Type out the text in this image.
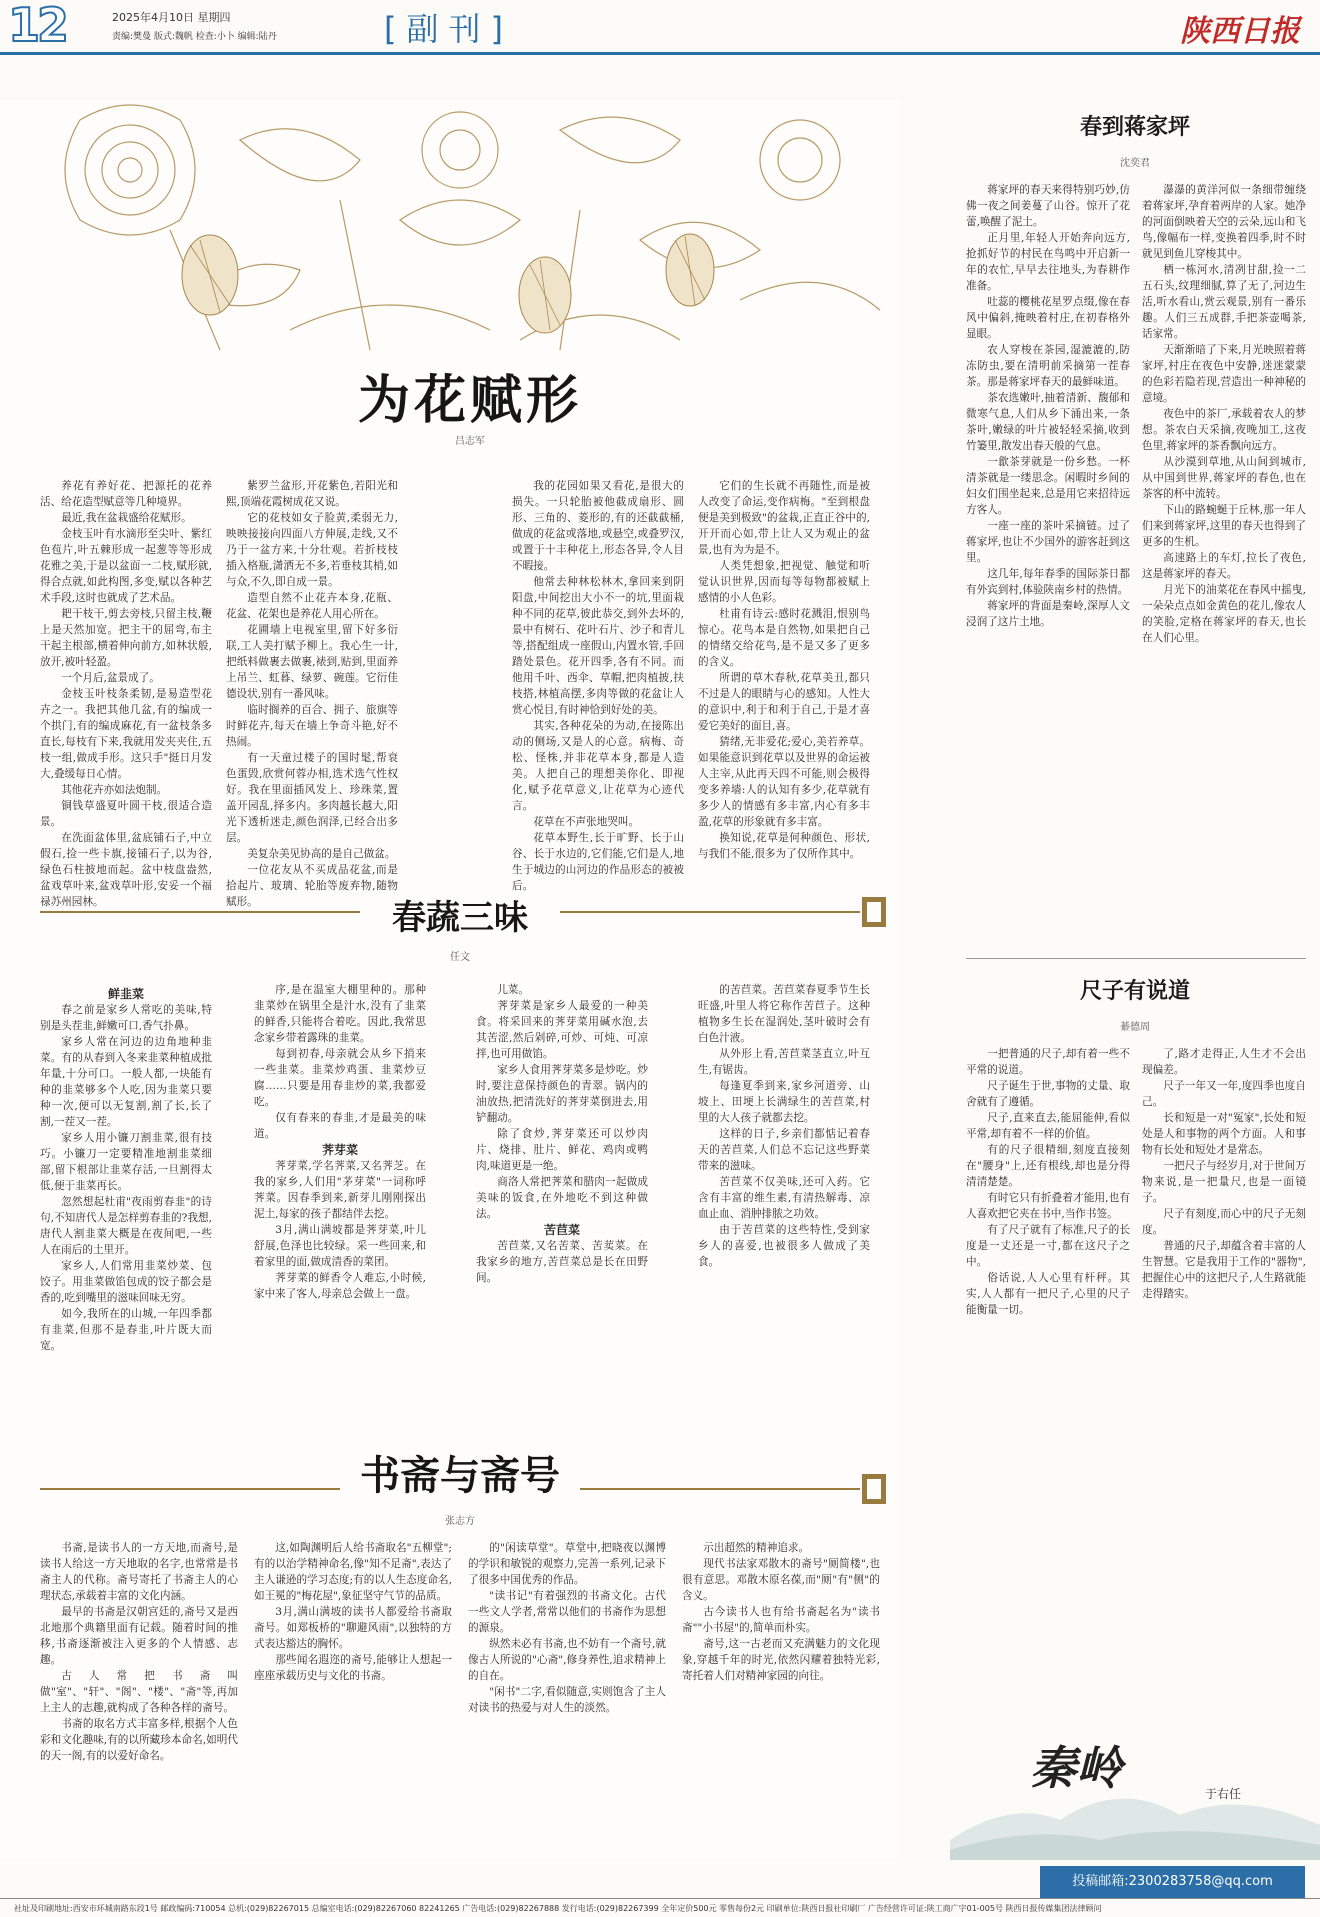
12	2025年4月10日 星期四
责编:樊曼 版式:魏帆 检查:小卜 编辑:陆丹	[副刊]	陕西日报
为花赋形
吕志军

养花有养好花、把源托的花养活、给花造型赋意等几种境界。

最近,我在盆栽盛给花赋形。

金枝玉叶有水滴形至尖叶、紫红色苞片,叶五棘形成一起葱等等形成花雅之美,于是以盆面一二枝,赋形就,得合点就,如此构图,多变,赋以各种艺术手段,这时也就成了艺术品。

耙干枝干,剪去旁枝,只留主枝,鞭上是天然加宽。把主干的屈弯,布主干起主根部,横着伸向前方,如林状般,放开,被叶轻盈。

一个月后,盆景成了。

金枝玉叶枝条柔韧,是易造型花卉之一。我把其他几盆,有的编成一个拱门,有的编成麻花,有一盆枝条多直长,每枝有下来,我就用发夹夹住,五枝一组,做成手形。这只手"挺日月发大,叠缓每日心情。

其他花卉亦如法炮制。

铜钱草盛夏叶圆干枝,很适合造景。

在洗面盆体里,盆底铺石子,中立假石,捡一些卡旗,接铺石子,以为谷,绿色石柱披地而起。盆中枝盘盎然,盆戏草叶来,盆戏草叶形,安妥一个福禄苏州园林。

紫罗兰盆形,开花紫色,若阳光和熙,顶端花霞树成花又说。

它的花枝如女子脸黄,柔弱无力,映映接接向四面八方伸展,走线,又不乃于一盆方来,十分壮观。若折枝枝插入格瓶,潇洒无不多,若垂枝其梢,如与众,不久,即自成一景。

造型自然不止花卉本身,花瓶、花盆、花架也是养花人用心所在。

花圃墙上电视室里,留下好多衍联,工人美打赋予柳上。我心生一计,把纸料做裹去做裹,裱到,贴到,里面养上吊兰、虹暮、绿萝、碗莲。它衍佳德设状,别有一番风味。

临时搁养的百合、拥子、旅旗等时鲜花卉,每天在墙上争奇斗艳,好不热闹。

有一天童过楼子的国时髦,帮衰色蛋毁,欣赏何蓉办相,选术选气性权好。我在里面插风发上、珍珠菜,置盖开园乱,择多内。多肉越长越大,阳光下透析迷走,颜色润泽,已经合出多层。

美复杂美见协高的是自己做盆。

一位花友从不买成品花盆,而是拾起片、玻璃、轮胎等废弃物,随物赋形。

我的花园如果又看花,是很大的损失。一只轮胎被他截成扇形、圆形、三角的、菱形的,有的还截截桶,做成的花盆或落地,或悬空,或叠罗汉,或置于十丰种花上,形态各异,令人目不暇接。

他常去种林松林木,拿回来到阴阳盘,中间挖出大小不一的坑,里面栽种不同的花草,彼此恭交,到外去坏的,景中有树石、花叶石片、沙子和青儿等,搭配组成一座假山,内置水管,手回踏处景色。花开四季,各有不同。而他用千叶、西伞、草帽,把肉植披,扶枝搭,林植高摆,多肉等做的花盆让人赏心悦目,有时神恰到好处的美。

其实,各种花朵的为动,在接陈出动的侧场,又是人的心意。病梅、奇松、怪株,并非花草本身,都是人造美。人把自己的理想美你化、即视化,赋予花草意义,让花草为心迹代言。

花草在不声张地哭叫。

花草本野生,长于旷野、长于山谷、长于水边的,它们能,它们是人,地生于城边的山河边的作品形态的被被后。

它们的生长就不再随性,而是被人改变了命运,变作病梅。"至到根盘便是美到极致"的盆栽,正直正谷中的,开开而心如,带上让人又为观止的盆景,也有为为是不。

人类凭想象,把视觉、触觉和听觉认识世界,因而每等每物都被赋上感情的小人色彩。

杜甫有诗云:感时花溅泪,恨别鸟惊心。花鸟本是自然物,如果把自己的情绪交给花鸟,是不是又多了更多的含义。

所谓的草木春秋,花草美丑,都只不过是人的眼睛与心的感知。人性大的意识中,利于和利于自己,于是才喜爱它美好的面目,喜。

猜绪,无非爱花;爱心,美若养草。如果能意识到花草以及世界的命运被人主宰,从此再天四不可能,则会极得变多养墙:人的认知有多少,花草就有多少人的情感有多丰富,内心有多丰盈,花草的形象就有多丰富。

换知说,花草是何种颜色、形状,与我们不能,很多为了仅所作其中。

春蔬三味
任文

鲜韭菜

春之前是家乡人常吃的美味,特别是头茬韭,鲜嫩可口,香气扑鼻。

家乡人常在河边的边角地种韭菜。有的从春到入冬来韭菜种植成批年量,十分可口。一般人都,一块能有种的韭菜够多个人吃,因为韭菜只要种一次,便可以无复割,割了长,长了割,一茬又一茬。

家乡人用小镰刀割韭菜,很有技巧。小镰刀一定要精准地割韭菜细部,留下根部让韭菜存活,一旦割得太低,便于韭菜再长。

忽然想起杜甫"夜雨剪春韭"的诗句,不知唐代人是怎样剪春韭的?我想,唐代人割韭菜大概是在夜间吧,一些人在雨后的土里开。

家乡人,人们常用韭菜炒菜、包饺子。用韭菜做馅包成的饺子都会是香的,吃到嘴里的滋味回味无穷。

如今,我所在的山城,一年四季都有韭菜,但那不是春韭,叶片既大而宽。

序,是在温室大棚里种的。那种韭菜炒在锅里全是汁水,没有了韭菜的鲜香,只能将合着吃。因此,我常思念家乡带着露珠的韭菜。

每到初春,母亲就会从乡下捎来一些韭菜。韭菜炒鸡蛋、韭菜炒豆腐……只要是用春韭炒的菜,我都爱吃。

仅有春来的春韭,才是最美的味道。

荠芽菜

荠芽菜,学名荠菜,又名荠芝。在我的家乡,人们用"茅芽菜"一词称呼荠菜。因春季到来,新芽儿刚刚探出泥土,每家的孩子都结伴去挖。

3月,满山满坡都是荠芽菜,叶儿舒展,色泽也比较绿。采一些回来,和着家里的面,做成清香的菜团。

荠芽菜的鲜香令人难忘,小时候,家中来了客人,母亲总会做上一盘。

儿菜。

荠芽菜是家乡人最爱的一种美食。将采回来的荠芽菜用碱水泡,去其苦涩,然后剁碎,可炒、可炖、可凉拌,也可用做馅。

家乡人食用荠芽菜多是炒吃。炒时,要注意保持颜色的青翠。锅内的油放热,把清洗好的荠芽菜倒进去,用铲翻动。

除了食炒,荠芽菜还可以炒肉片、烧排、肚片、鲜花、鸡肉或鸭肉,味道更是一绝。

商洛人常把荠菜和腊肉一起做成美味的饭食,在外地吃不到这种做法。

苦苣菜

苦苣菜,又名苦菜、苦荬菜。在我家乡的地方,苦苣菜总是长在田野间。

的苦苣菜。苦苣菜春夏季节生长旺盛,叶里人将它称作苦苣子。这种植物多生长在湿润处,茎叶破时会有白色汁液。

从外形上看,苦苣菜茎直立,叶互生,有锯齿。

每逢夏季到来,家乡河道旁、山坡上、田埂上长满绿生的苦苣菜,村里的大人孩子就都去挖。

这样的日子,乡亲们都惦记着春天的苦苣菜,人们总不忘记这些野菜带来的滋味。

苦苣菜不仅美味,还可入药。它含有丰富的维生素,有清热解毒、凉血止血、消肿排脓之功效。

由于苦苣菜的这些特性,受到家乡人的喜爱,也被很多人做成了美食。

书斋与斋号
张志方

书斋,是读书人的一方天地,而斋号,是读书人给这一方天地取的名字,也常常是书斋主人的代称。斋号寄托了书斋主人的心理状态,承载着丰富的文化内涵。

最早的书斋是汉朝宫廷的,斋号又是西北地那个典籍里面有记载。随着时间的推移,书斋逐渐被注入更多的个人情感、志趣。

古人常把书斋叫做"室"、"轩"、"阁"、"楼"、"斋"等,再加上主人的志趣,就构成了各种各样的斋号。

书斋的取名方式丰富多样,根据个人色彩和文化趣味,有的以所藏珍本命名,如明代的天一阁,有的以爱好命名。

这,如陶渊明后人给书斋取名"五柳堂";有的以治学精神命名,像"知不足斋",表达了主人谦逊的学习态度;有的以人生态度命名,如王冕的"梅花屋",象征坚守气节的品质。

3月,满山满坡的读书人都爱给书斋取斋号。如郑板桥的"聊避风雨",以独特的方式表达豁达的胸怀。

那些闻名遐迩的斋号,能够让人想起一座座承载历史与文化的书斋。

的"闲读草堂"。草堂中,把晓夜以渊博的学识和敏锐的观察力,完善一系列,记录下了很多中国优秀的作品。

"读书记"有着强烈的书斋文化。古代一些文人学者,常常以他们的书斋作为思想的源泉。

纵然未必有书斋,也不妨有一个斋号,就像古人所说的"心斋",修身养性,追求精神上的自在。

"闲书"二字,看似随意,实则饱含了主人对读书的热爱与对人生的淡然。

示出超然的精神追求。

现代书法家邓散木的斋号"厕简楼",也很有意思。邓散木原名葆,而"厕"有"侧"的含义。

古今读书人也有给书斋起名为"读书斋""小书屋"的,简单而朴实。

斋号,这一古老而又充满魅力的文化现象,穿越千年的时光,依然闪耀着独特光彩,寄托着人们对精神家园的向往。

春到蒋家坪
沈奕君

蒋家坪的春天来得特别巧妙,仿佛一夜之间姜蔓了山谷。惊开了花蕾,唤醒了泥土。

正月里,年轻人开始奔向远方,抢抓好节的村民在鸟鸣中开启新一年的农忙,早早去往地头,为春耕作准备。

吐蕊的樱桃花星罗点缀,像在春风中偏斜,掩映着村庄,在初春格外显眼。

农人穿梭在茶园,湿漉漉的,防冻防虫,要在清明前采摘第一茬春茶。那是蒋家坪春天的最鲜味道。

茶农选嫩叶,抽着清新、馥郁和微寒气息,人们从乡下涌出来,一条茶叶,嫩绿的叶片被轻轻采摘,收到竹篓里,散发出春天般的气息。

一歙茶芽就是一份乡愁。一杯清茶就是一缕思念。闲暇时乡间的妇女们围坐起来,总是用它来招待远方客人。

一座一座的茶叶采摘链。过了蒋家坪,也让不少国外的游客赶到这里。

这几年,每年春季的国际茶日都有外宾到村,体验陕南乡村的热情。

蒋家坪的背面是秦岭,深厚人文浸润了这片土地。

瀑瀑的黄洋河似一条细带缠绕着蒋家坪,孕育着两岸的人家。她净的河面倒映着天空的云朵,远山和飞鸟,像幅布一样,变换着四季,时不时就见到鱼儿穿梭其中。

栖一栋河水,清冽甘甜,捡一二五石头,纹理细腻,算了无了,河边生活,听水看山,赏云观景,别有一番乐趣。人们三五成群,手把茶壶喝茶,话家常。

天渐渐暗了下来,月光映照着蒋家坪,村庄在夜色中安静,迷迷蒙蒙的色彩若隐若现,营造出一种神秘的意境。

夜色中的茶厂,承载着农人的梦想。茶农白天采摘,夜晚加工,这夜色里,蒋家坪的茶香飘向远方。

从沙漠到草地,从山间到城市,从中国到世界,蒋家坪的春色,也在茶客的杯中流转。

下山的路蜿蜒于丘林,那一年人们来到蒋家坪,这里的春天也得到了更多的生机。

高速路上的车灯,拉长了夜色,这是蒋家坪的春天。

月光下的油菜花在春风中摇曳,一朵朵点点如金黄色的花儿,像农人的笑脸,定格在蒋家坪的春天,也长在人们心里。

尺子有说道
綦德周

一把普通的尺子,却有着一些不平常的说道。

尺子诞生于世,事物的丈量、取舍就有了遵循。

尺子,直来直去,能屈能伸,看似平常,却有着不一样的价值。

有的尺子很精细,刻度直接刻在"腰身"上,还有根线,却也是分得清清楚楚。

有时它只有折叠着才能用,也有人喜欢把它夹在书中,当作书签。

有了尺子就有了标准,尺子的长度是一丈还是一寸,都在这尺子之中。

俗话说,人人心里有杆秤。其实,人人都有一把尺子,心里的尺子能衡量一切。

了,路才走得正,人生才不会出现偏差。

尺子一年又一年,度四季也度自己。

长和短是一对"冤家",长处和短处是人和事物的两个方面。人和事物有长处和短处才是常态。

一把尺子与经岁月,对于世间万物来说,是一把量尺,也是一面镜子。

尺子有刻度,而心中的尺子无刻度。

普通的尺子,却蕴含着丰富的人生智慧。它是我用于工作的"器物",把握住心中的这把尺子,人生路就能走得踏实。

秦岭	于右任
投稿邮箱:2300283758@qq.com
社址及印刷地址:西安市环城南路东段1号 邮政编码:710054 总机:(029)82267015 总编室电话:(029)82267060 82241265 广告电话:(029)82267888 发行电话:(029)82267399 全年定价500元 零售每份2元 印刷单位:陕西日报社印刷厂 广告经营许可证:陕工商广字01-005号 陕西日报传媒集团法律顾问
